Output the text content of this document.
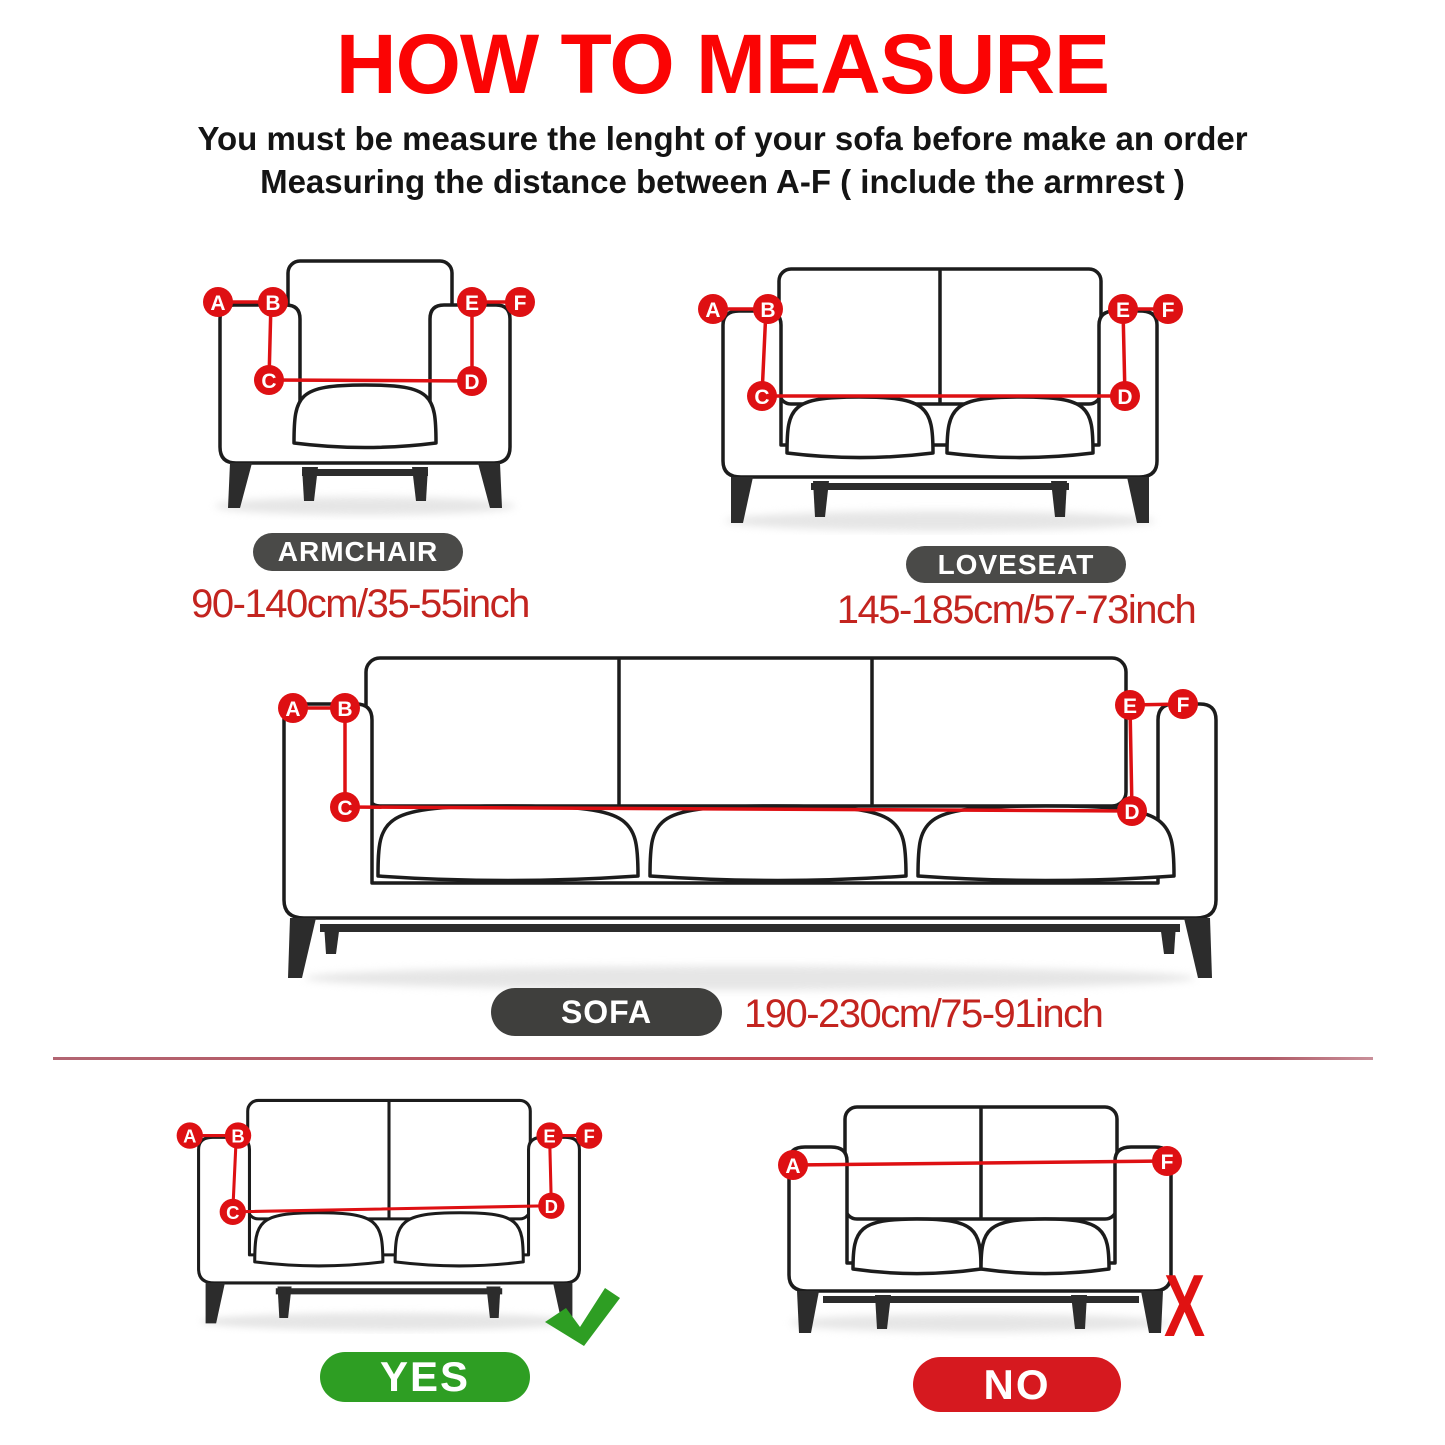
HOW TO MEASURE
You must be measure the lenght of your sofa before make an order
Measuring the distance between A-F ( include the armrest )
A B
C	D
E F
ARMCHAIR
90-140cm/35-55inch
A B
C	D
E F
LOVESEAT
145-185cm/57-73inch
A B
C	D
E F
SOFA	190-230cm/75-91inch
A B
C	D
E F
YES
A	F
X
NO
